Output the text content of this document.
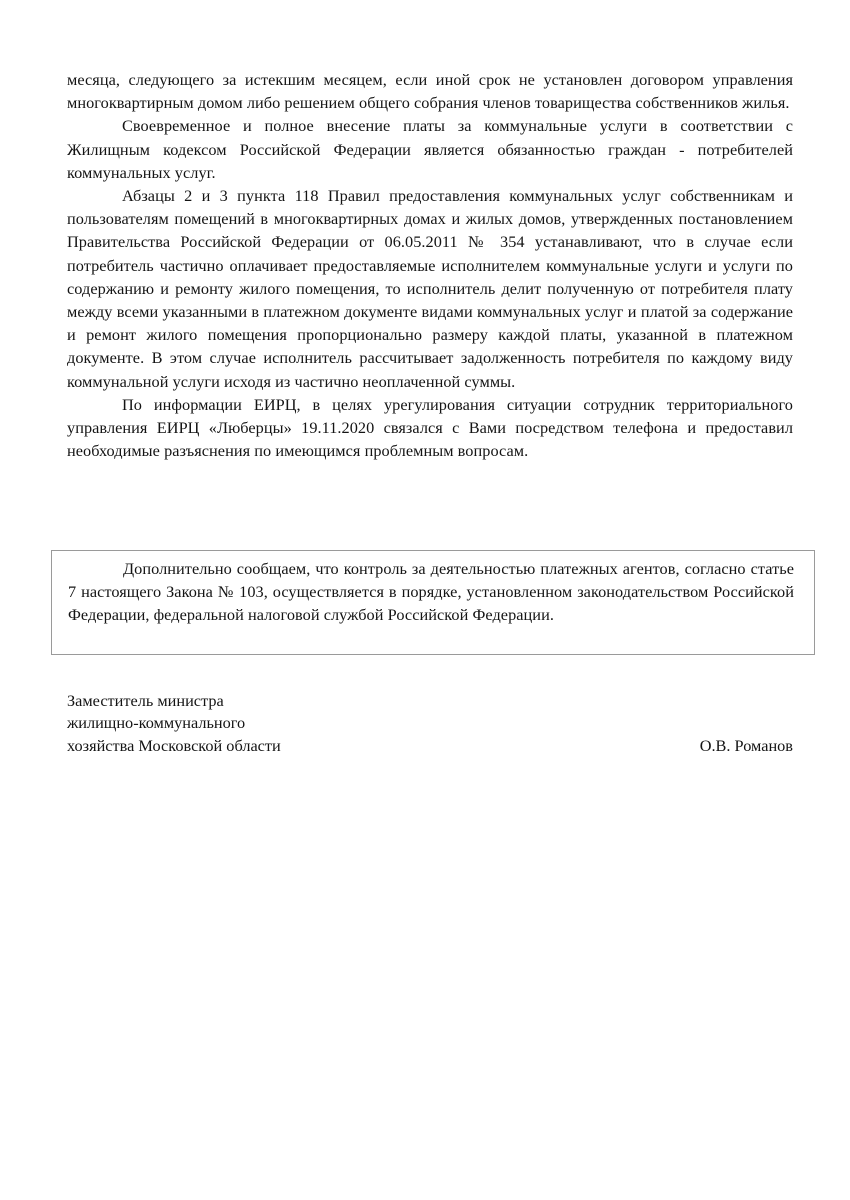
месяца, следующего за истекшим месяцем, если иной срок не установлен договором управления многоквартирным домом либо решением общего собрания членов товарищества собственников жилья.

Своевременное и полное внесение платы за коммунальные услуги в соответствии с Жилищным кодексом Российской Федерации является обязанностью граждан - потребителей коммунальных услуг.

Абзацы 2 и 3 пункта 118 Правил предоставления коммунальных услуг собственникам и пользователям помещений в многоквартирных домах и жилых домов, утвержденных постановлением Правительства Российской Федерации от 06.05.2011 № 354 устанавливают, что в случае если потребитель частично оплачивает предоставляемые исполнителем коммунальные услуги и услуги по содержанию и ремонту жилого помещения, то исполнитель делит полученную от потребителя плату между всеми указанными в платежном документе видами коммунальных услуг и платой за содержание и ремонт жилого помещения пропорционально размеру каждой платы, указанной в платежном документе. В этом случае исполнитель рассчитывает задолженность потребителя по каждому виду коммунальной услуги исходя из частично неоплаченной суммы.

По информации ЕИРЦ, в целях урегулирования ситуации сотрудник территориального управления ЕИРЦ «Люберцы» 19.11.2020 связался с Вами посредством телефона и предоставил необходимые разъяснения по имеющимся проблемным вопросам.

Дополнительно сообщаем, что контроль за деятельностью платежных агентов, согласно статье 7 настоящего Закона № 103, осуществляется в порядке, установленном законодательством Российской Федерации, федеральной налоговой службой Российской Федерации.

Заместитель министра

жилищно-коммунального

хозяйства Московской области	О.В. Романов
